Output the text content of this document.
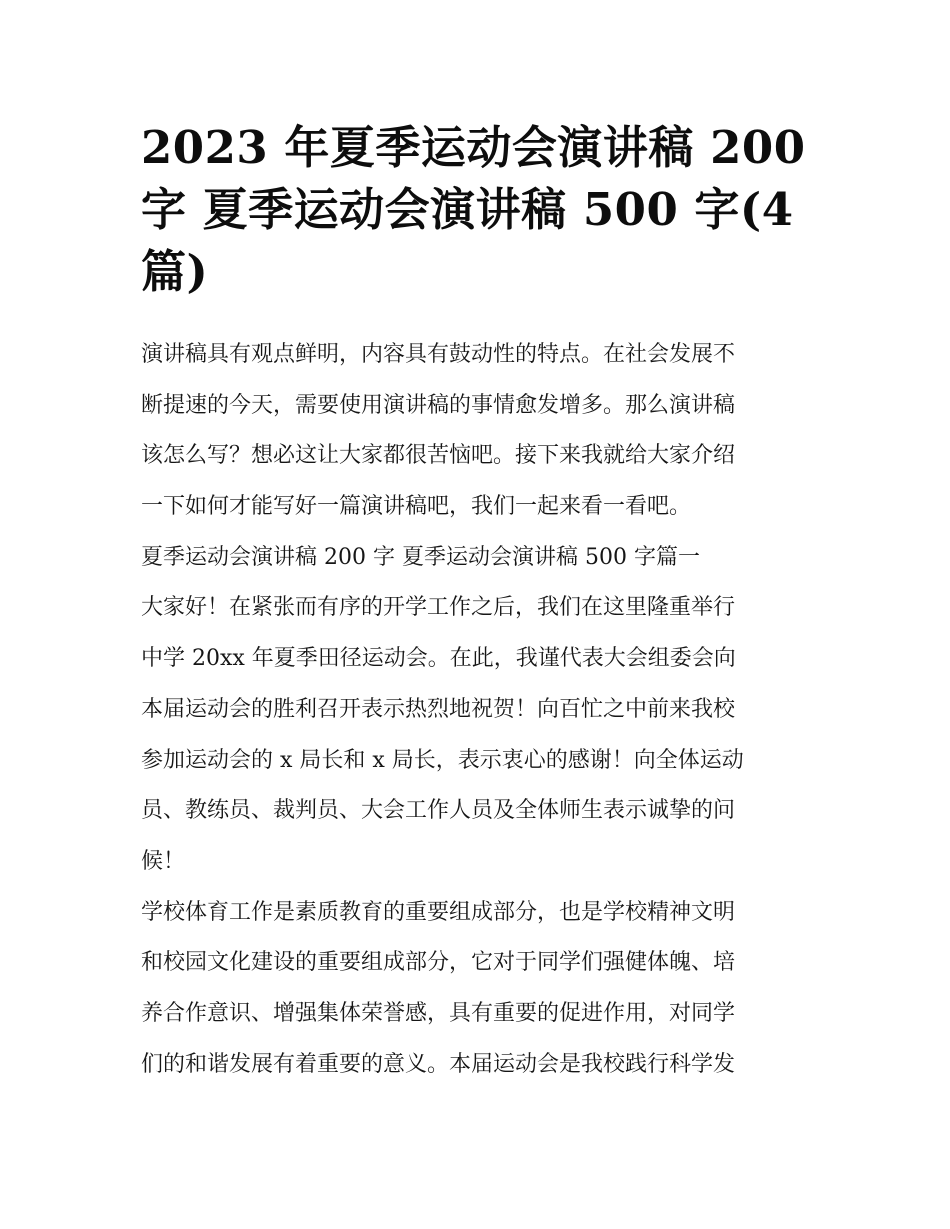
2023 年夏季运动会演讲稿 200
字 夏季运动会演讲稿 500 字(4
篇)
演讲稿具有观点鲜明，内容具有鼓动性的特点。在社会发展不
断提速的今天，需要使用演讲稿的事情愈发增多。那么演讲稿
该怎么写？想必这让大家都很苦恼吧。接下来我就给大家介绍
一下如何才能写好一篇演讲稿吧，我们一起来看一看吧。
夏季运动会演讲稿 200 字 夏季运动会演讲稿 500 字篇一
大家好！在紧张而有序的开学工作之后，我们在这里隆重举行
中学 20xx 年夏季田径运动会。在此，我谨代表大会组委会向
本届运动会的胜利召开表示热烈地祝贺！向百忙之中前来我校
参加运动会的 x 局长和 x 局长，表示衷心的感谢！向全体运动
员、教练员、裁判员、大会工作人员及全体师生表示诚挚的问
候！
学校体育工作是素质教育的重要组成部分，也是学校精神文明
和校园文化建设的重要组成部分，它对于同学们强健体魄、培
养合作意识、增强集体荣誉感，具有重要的促进作用，对同学
们的和谐发展有着重要的意义。本届运动会是我校践行科学发
